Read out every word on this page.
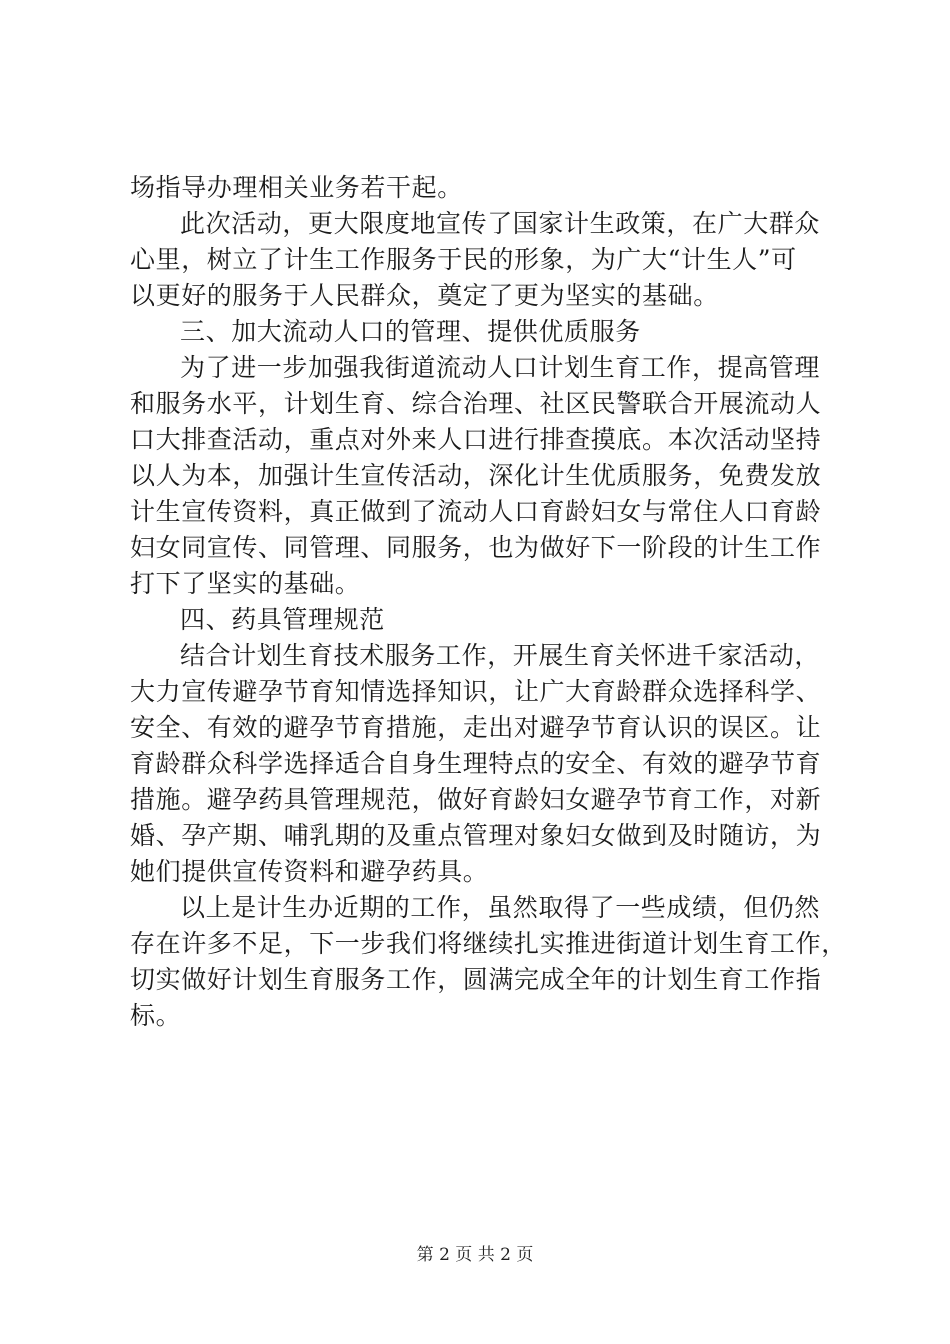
场指导办理相关业务若干起。
此次活动，更大限度地宣传了国家计生政策，在广大群众
心里，树立了计生工作服务于民的形象，为广大“计生人”可
以更好的服务于人民群众，奠定了更为坚实的基础。
三、加大流动人口的管理、提供优质服务
为了进一步加强我街道流动人口计划生育工作，提高管理
和服务水平，计划生育、综合治理、社区民警联合开展流动人
口大排查活动，重点对外来人口进行排查摸底。本次活动坚持
以人为本，加强计生宣传活动，深化计生优质服务，免费发放
计生宣传资料，真正做到了流动人口育龄妇女与常住人口育龄
妇女同宣传、同管理、同服务，也为做好下一阶段的计生工作
打下了坚实的基础。
四、药具管理规范
结合计划生育技术服务工作，开展生育关怀进千家活动，
大力宣传避孕节育知情选择知识，让广大育龄群众选择科学、
安全、有效的避孕节育措施，走出对避孕节育认识的误区。让
育龄群众科学选择适合自身生理特点的安全、有效的避孕节育
措施。避孕药具管理规范，做好育龄妇女避孕节育工作，对新
婚、孕产期、哺乳期的及重点管理对象妇女做到及时随访，为
她们提供宣传资料和避孕药具。
以上是计生办近期的工作，虽然取得了一些成绩，但仍然
存在许多不足，下一步我们将继续扎实推进街道计划生育工作，
切实做好计划生育服务工作，圆满完成全年的计划生育工作指
标。
第 2 页 共 2 页
